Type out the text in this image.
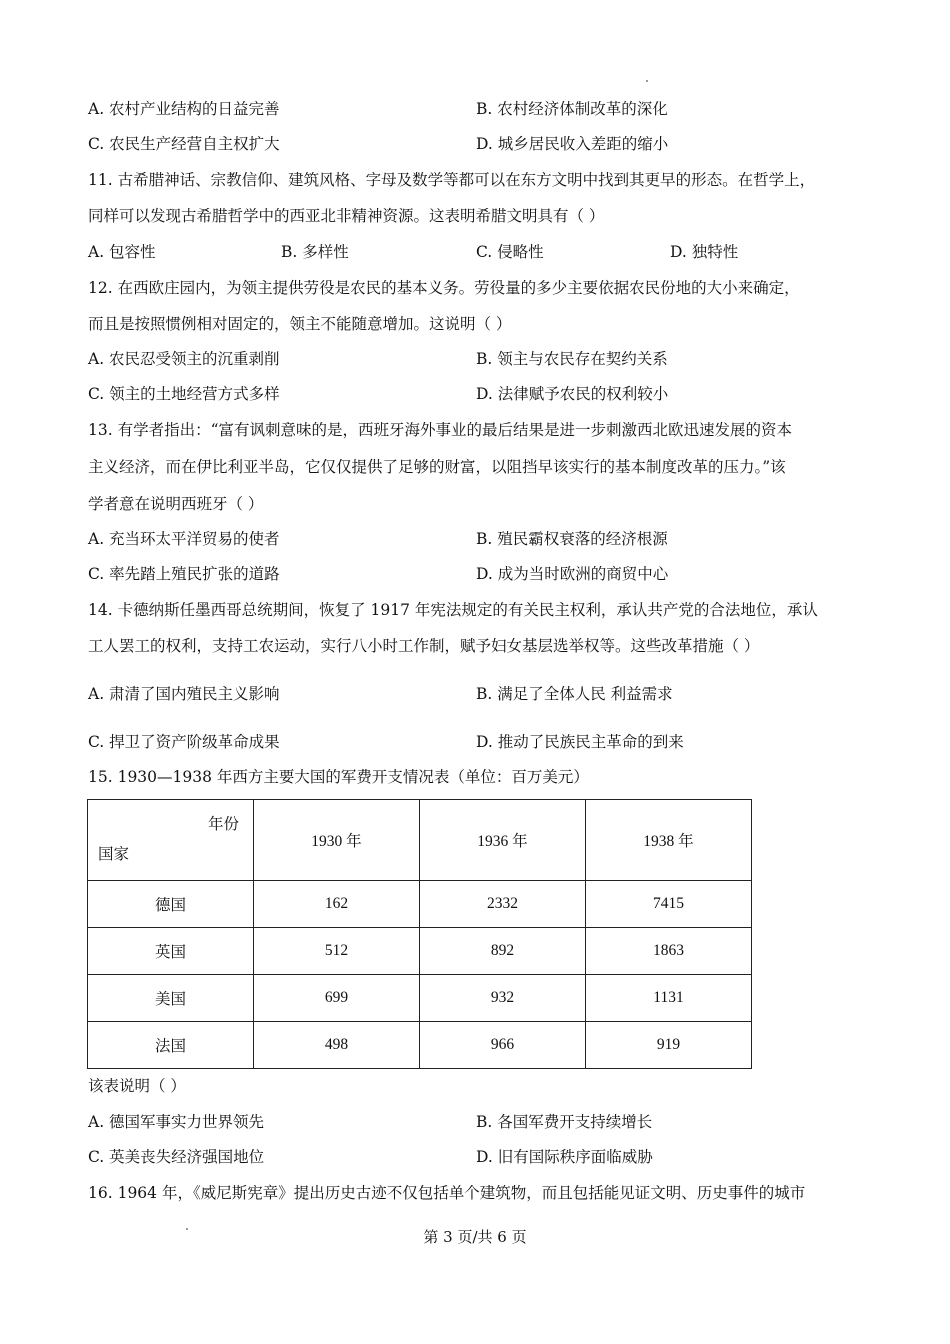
A. 农村产业结构的日益完善	B. 农村经济体制改革的深化
C. 农民生产经营自主权扩大	D. 城乡居民收入差距的缩小
11. 古希腊神话、宗教信仰、建筑风格、字母及数学等都可以在东方文明中找到其更早的形态。在哲学上，
同样可以发现古希腊哲学中的西亚北非精神资源。这表明希腊文明具有（ ）
A. 包容性	B. 多样性	C. 侵略性	D. 独特性
12. 在西欧庄园内，为领主提供劳役是农民的基本义务。劳役量的多少主要依据农民份地的大小来确定，
而且是按照惯例相对固定的，领主不能随意增加。这说明（ ）
A. 农民忍受领主的沉重剥削	B. 领主与农民存在契约关系
C. 领主的土地经营方式多样	D. 法律赋予农民的权利较小
13. 有学者指出：“富有讽刺意味的是，西班牙海外事业的最后结果是进一步刺激西北欧迅速发展的资本
主义经济，而在伊比利亚半岛，它仅仅提供了足够的财富，以阻挡早该实行的基本制度改革的压力。”该
学者意在说明西班牙（ ）
A. 充当环太平洋贸易的使者	B. 殖民霸权衰落的经济根源
C. 率先踏上殖民扩张的道路	D. 成为当时欧洲的商贸中心
14. 卡德纳斯任墨西哥总统期间，恢复了 1917 年宪法规定的有关民主权利，承认共产党的合法地位，承认
工人罢工的权利，支持工农运动，实行八小时工作制，赋予妇女基层选举权等。这些改革措施（ ）
A. 肃清了国内殖民主义影响	B. 满足了全体人民 利益需求
C. 捍卫了资产阶级革命成果	D. 推动了民族民主革命的到来
15. 1930—1938 年西方主要大国的军费开支情况表（单位：百万美元）
年份
国家	1930 年	1936 年	1938 年
德国	162	2332	7415
英国	512	892	1863
美国	699	932	1131
法国	498	966	919
该表说明（ ）
A. 德国军事实力世界领先	B. 各国军费开支持续增长
C. 英美丧失经济强国地位	D. 旧有国际秩序面临威胁
16. 1964 年，《威尼斯宪章》提出历史古迹不仅包括单个建筑物，而且包括能见证文明、历史事件的城市
第 3 页/共 6 页
